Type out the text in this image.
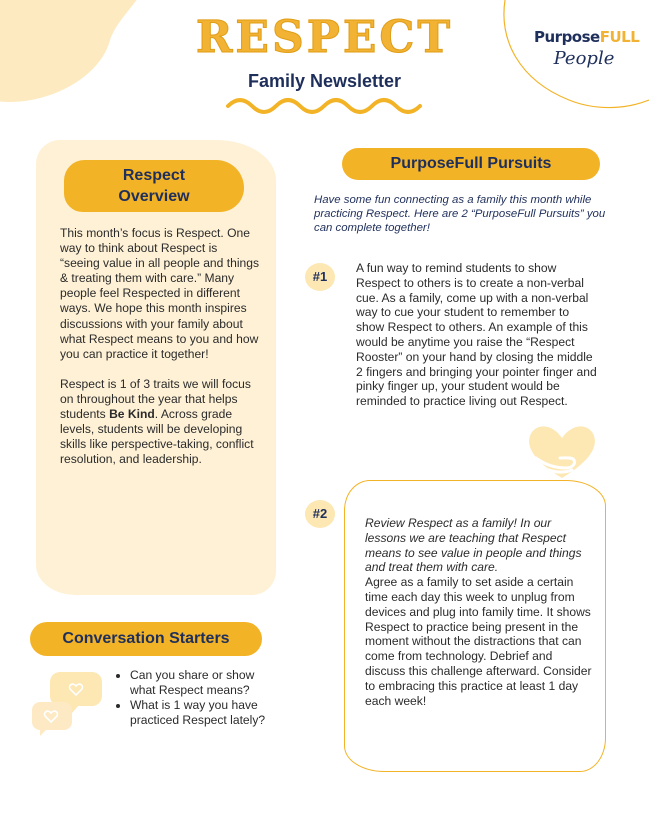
RESPECT
Family Newsletter
PurposeFULL
People
Respect
Overview

This month’s focus is Respect. One way to think about Respect is “seeing value in all people and things & treating them with care.” Many people feel Respected in different ways. We hope this month inspires discussions with your family about what Respect means to you and how you can practice it together!

Respect is 1 of 3 traits we will focus on throughout the year that helps students Be Kind. Across grade levels, students will be developing skills like perspective-taking, conflict resolution, and leadership.

Conversation Starters
• Can you share or show what Respect means?
• What is 1 way you have practiced Respect lately?
PurposeFull Pursuits
Have some fun connecting as a family this month while practicing Respect. Here are 2 “PurposeFull Pursuits” you can complete together!
#1
A fun way to remind students to show Respect to others is to create a non-verbal cue. As a family, come up with a non-verbal way to cue your student to remember to show Respect to others. An example of this would be anytime you raise the “Respect Rooster” on your hand by closing the middle 2 fingers and bringing your pointer finger and pinky finger up, your student would be reminded to practice living out Respect.
#2
Review Respect as a family! In our lessons we are teaching that Respect means to see value in people and things and treat them with care.
Agree as a family to set aside a certain time each day this week to unplug from devices and plug into family time. It shows Respect to practice being present in the moment without the distractions that can come from technology. Debrief and discuss this challenge afterward. Consider to embracing this practice at least 1 day each week!
